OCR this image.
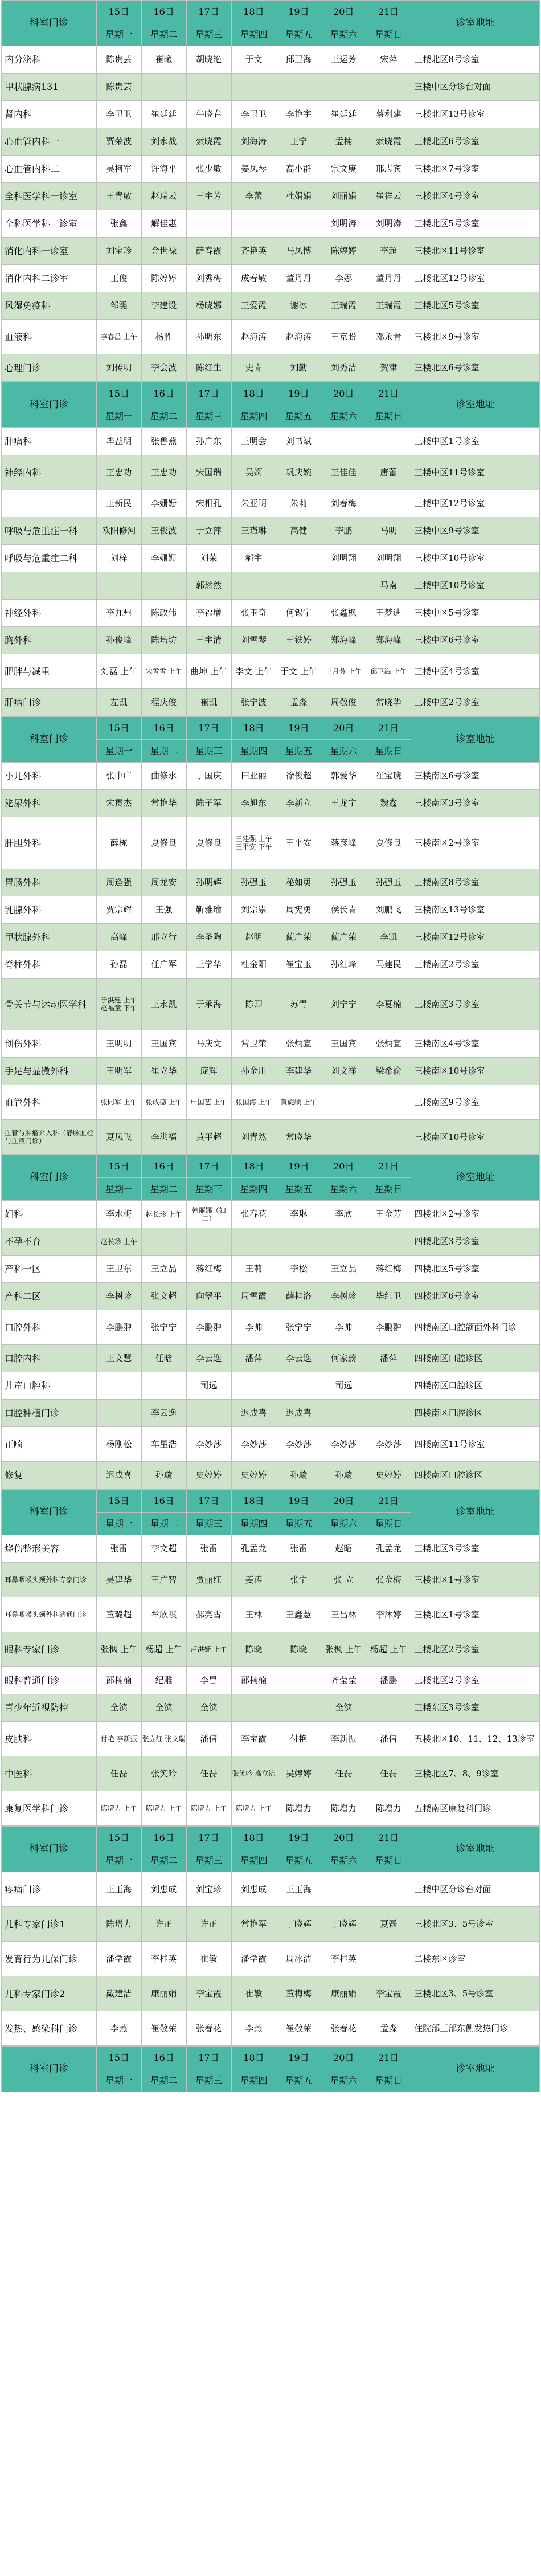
科室门诊	15日	16日	17日	18日	19日	20日	21日	诊室地址
	星期一	星期二	星期三	星期四	星期五	星期六	星期日	
内分泌科	陈贵芸	崔曦	胡晓艳	于文	邱卫海	王运芳	宋萍	三楼北区8号诊室
甲状腺病131	陈贵芸							三楼中区分诊台对面
肾内科	李卫卫	崔廷廷	牛晓春	李卫卫	李艳宇	崔廷廷	蔡利建	三楼北区13号诊室
心血管内科一	贾荣波	刘永战	索晓霞	刘海涛	王宁	孟楠	索晓霞	三楼北区6号诊室
心血管内科二	吴柯军	许海平	张少敏	姜凤琴	高小群	宗文庚	邢志宾	三楼北区7号诊室
全科医学科一诊室	王青敏	赵瑞云	王宇芳	李蕾	杜娟娟	刘丽娟	崔祥云	三楼北区4号诊室
全科医学科二诊室	张鑫	解佳惠				刘明涛	刘明涛	三楼北区5号诊室
消化内科一诊室	刘宝珍	金世禄	薛春霞	齐艳英	马凤博	陈婷婷	李超	三楼北区11号诊室
消化内科二诊室	王俊	陈婷婷	刘秀梅	成春敏	董丹丹	李娜	董丹丹	三楼北区12号诊室
风湿免疫科	邹雯	李建设	杨晓娜	王爱霞	谢冰	王瑞霞	王瑞霞	三楼北区5号诊室
血液科	李春昌 上午	杨胜	孙明东	赵海涛	赵海涛	王京盼	邓永青	三楼北区9号诊室
心理门诊	刘传明	李会波	陈红生	史青	刘勤	刘秀洁	贺津	三楼北区6号诊室
科室门诊	15日	16日	17日	18日	19日	20日	21日	诊室地址
	星期一	星期二	星期三	星期四	星期五	星期六	星期日	
肿瘤科	毕益明	张鲁燕	孙广东	王明会	刘书斌			三楼中区1号诊室
神经内科	王忠功	王忠功	宋国瑞	吴婀	巩庆婉	王佳佳	唐蕾	三楼中区11号诊室
	王新民	李姗姗	宋相孔	朱亚明	朱莉	刘春梅		三楼中区12号诊室
呼吸与危重症一科	欧阳修河	王俊波	于立萍	王瑾琳	高健	李鹏	马明	三楼中区9号诊室
呼吸与危重症二科	刘梓	李姗姗	刘荣	郝宇		刘明翔	刘明翔	三楼中区10号诊室
			郭然然				马南	三楼中区10号诊室
神经外科	李九州	陈政伟	李福增	张玉奇	何锡宁	张鑫枫	王梦迪	三楼中区5号诊室
胸外科	孙俊峰	陈培坊	王宇清	刘雪琴	王铁婷	郑海峰	郑海峰	三楼中区6号诊室
肥胖与减重	刘磊 上午	宋雪雪 上午	曲坤 上午	李文 上午	于文 上午	王月芳 上午	邱卫海 上午	三楼中区4号诊室
肝病门诊	左凯	程庆俊	崔凯	张宁波	孟淼	周敬俊	常晓华	三楼中区2号诊室
科室门诊	15日	16日	17日	18日	19日	20日	21日	诊室地址
	星期一	星期二	星期三	星期四	星期五	星期六	星期日	
小儿外科	张中广	曲修水	于国庆	田亚丽	徐俊超	郭爱华	崔宝琥	三楼南区6号诊室
泌尿外科	宋贯杰	常艳华	陈子军	李旭东	李新立	王龙宁	魏鑫	三楼南区3号诊室
肝胆外科	薛栋	夏修良	夏修良	王建强 上午 王平安 下午	王平安	蒋彦峰	夏修良	三楼南区2号诊室
胃肠外科	周逢强	周龙安	孙明辉	孙强玉	秘如勇	孙强玉	孙强玉	三楼南区8号诊室
乳腺外科	贾宗辉	王强	靳雅瑜	刘宗崇	周宪勇	侯长青	刘鹏飞	三楼南区13号诊室
甲状腺外科	高峰	邢立行	李圣陶	赵明	蔺广荣	蔺广荣	李凯	三楼南区12号诊室
脊柱外科	孙磊	任广军	王学华	杜金阳	崔宝玉	孙红峰	马建民	三楼南区2号诊室
骨关节与运动医学科	于洪建 上午 赵福童 下午	王永凯	于承海	陈卿	苏青	刘宁宁	李夏楠	三楼南区3号诊室
创伤外科	王明明	王国宾	马庆文	常卫荣	张炳宣	王国宾	张炳宣	三楼南区4号诊室
手足与显微外科	王明军	崔立华	庞辉	孙金川	李建华	刘文祥	梁希渝	三楼南区10号诊室
血管外科	张同军 上午	张成德 上午	申国艺 上午	张国海 上午	黄旋顺 上午			三楼南区9号诊室
血管与肿瘤介入科（静脉血栓与血液门诊）	夏凤飞	李洪福	黄平超	刘青然	常晓华			三楼南区10号诊室
科室门诊	15日	16日	17日	18日	19日	20日	21日	诊室地址
	星期一	星期二	星期三	星期四	星期五	星期六	星期日	
妇科	李水梅	赵长珍 上午	韩丽娜（妇二）	张春花	李琳	李欣	王金芳	四楼北区2号诊室
不孕不育	赵长珍 上午							四楼北区3号诊室
产科一区	王卫东	王立晶	蒋红梅	王莉	李松	王立晶	蒋红梅	四楼北区5号诊室
产科二区	李树珍	张文超	向翠平	周雪霞	薛桂洛	李树珍	毕红卫	四楼北区6号诊室
口腔外科	李鹏翀	张宁宁	李鹏翀	李帅	张宁宁	李帅	李鹏翀	四楼南区口腔颌面外科门诊
口腔内科	王文慧	任晗	李云逸	潘萍	李云逸	何家蔚	潘萍	四楼南区口腔诊区
儿童口腔科			司远			司远		四楼南区口腔诊区
口腔种植门诊		李云逸		迟成喜	迟成喜			四楼南区口腔诊区
正畸	杨刚松	车星浩	李妙莎	李妙莎	李妙莎	李妙莎	李妙莎	四楼南区11号诊室
修复	迟成喜	孙璇	史婷婷	史婷婷	孙璇	孙璇	史婷婷	四楼南区口腔诊区
科室门诊	15日	16日	17日	18日	19日	20日	21日	诊室地址
	星期一	星期二	星期三	星期四	星期五	星期六	星期日	
烧伤整形美容	张雷	李文超	张雷	孔孟龙	张雷	赵昭	孔孟龙	三楼北区3号诊室
耳鼻咽喉头颈外科专家门诊	吴建华	王广智	贾丽红	姜涛	张宁	张 立	张金梅	三楼北区1号诊室
耳鼻咽喉头颈外科普通门诊	董璐超	牟欣祺	郝亮雪	王林	王鑫慧	王昌林	李沐婷	三楼北区1号诊室
眼科专家门诊	张枫 上午	杨超 上午	卢洪婕 上午	陈晓	陈晓	张枫 上午	杨超 上午	三楼北区2号诊室
眼科普通门诊	邵楠楠	纪雕	李冒	邵楠楠		齐莹莹	潘鹏	三楼北区2号诊室
青少年近视防控	全滨	全滨	全滨			全滨		三楼东区3号诊室
皮肤科	付艳 李新振	张立红 张文瑞	潘倩	李宝霞	付艳	李新振	潘倩	五楼北区10、11、12、13诊室
中医科	任磊	张笑吟	任磊	张笑吟 高立锦	吴婷婷	任磊	任磊	三楼北区7、8、9诊室
康复医学科门诊	陈增力 上午	陈增力 上午	陈增力 上午	陈增力 上午	陈增力	陈增力	陈增力	五楼南区康复科门诊
科室门诊	15日	16日	17日	18日	19日	20日	21日	诊室地址
	星期一	星期二	星期三	星期四	星期五	星期六	星期日	
疼痛门诊	王玉海	刘惠成	刘宝珍	刘惠成	王玉海			三楼中区分诊台对面
儿科专家门诊1	陈增力	许正	许正	常艳军	丁晓辉	丁晓辉	夏磊	三楼北区3、5号诊室
发育行为儿保门诊	潘学霞	李桂英	崔敏	潘学霞	周冰洁	李桂英		二楼东区诊室
儿科专家门诊2	戴建洁	康丽娟	李宝霞	崔敏	董梅梅	康丽娟	李宝霞	三楼北区3、5号诊室
发热、感染科门诊	李燕	崔敬荣	张春花	李燕	崔敬荣	张春花	孟淼	住院部三部东侧发热门诊
科室门诊	15日	16日	17日	18日	19日	20日	21日	诊室地址
	星期一	星期二	星期三	星期四	星期五	星期六	星期日	
